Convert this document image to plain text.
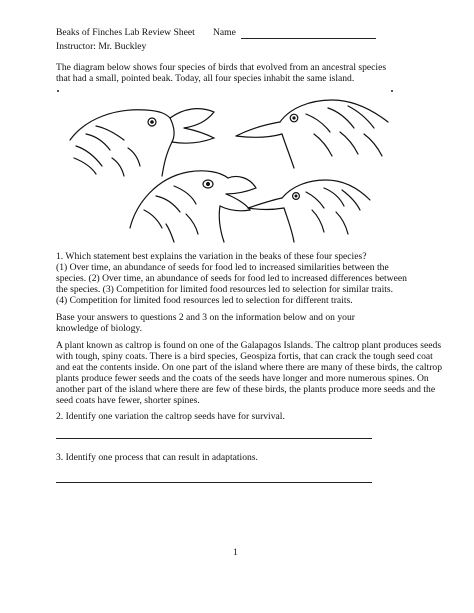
Beaks of Finches Lab Review Sheet Name
Instructor: Mr. Buckley
The diagram below shows four species of birds that evolved from an ancestral species
that had a small, pointed beak. Today, all four species inhabit the same island.
1. Which statement best explains the variation in the beaks of these four species?
(1) Over time, an abundance of seeds for food led to increased similarities between the
species. (2) Over time, an abundance of seeds for food led to increased differences between
the species. (3) Competition for limited food resources led to selection for similar traits.
(4) Competition for limited food resources led to selection for different traits.
Base your answers to questions 2 and 3 on the information below and on your
knowledge of biology.
A plant known as caltrop is found on one of the Galapagos Islands. The caltrop plant produces seeds
with tough, spiny coats. There is a bird species, Geospiza fortis, that can crack the tough seed coat
and eat the contents inside. On one part of the island where there are many of these birds, the caltrop
plants produce fewer seeds and the coats of the seeds have longer and more numerous spines. On
another part of the island where there are few of these birds, the plants produce more seeds and the
seed coats have fewer, shorter spines.
2. Identify one variation the caltrop seeds have for survival.
3. Identify one process that can result in adaptations.
1
